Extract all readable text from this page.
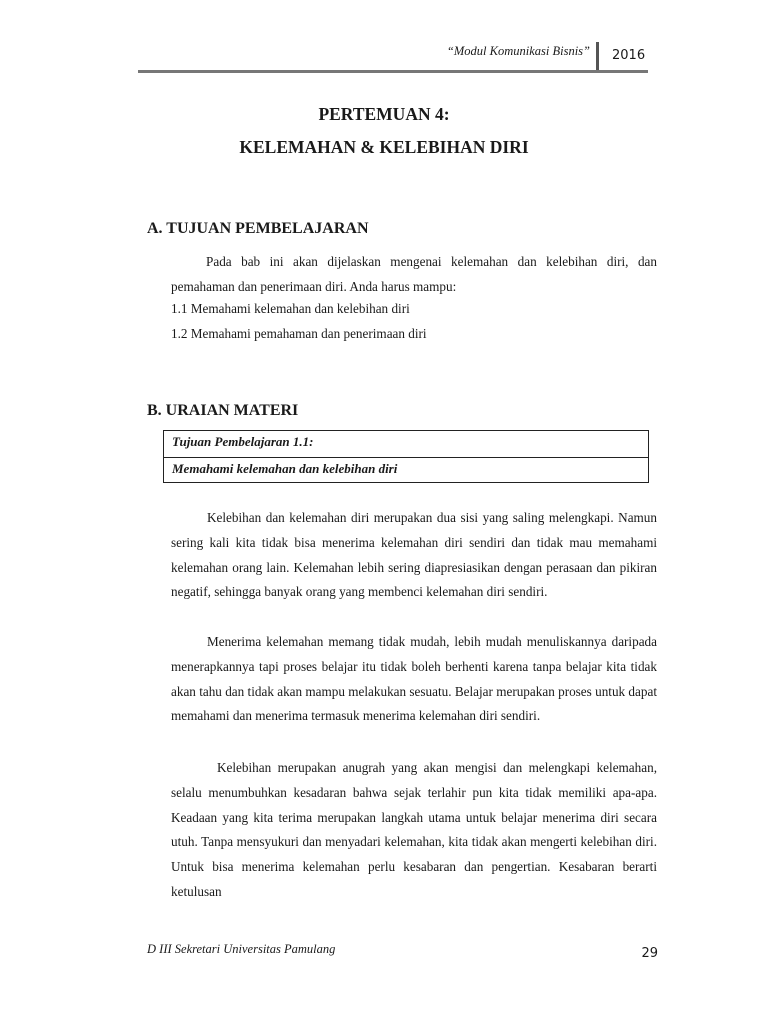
“Modul Komunikasi Bisnis” 2016
PERTEMUAN 4:
KELEMAHAN & KELEBIHAN DIRI
A. TUJUAN PEMBELAJARAN

Pada bab ini akan dijelaskan mengenai kelemahan dan kelebihan diri, dan pemahaman dan penerimaan diri. Anda harus mampu:

1.1 Memahami kelemahan dan kelebihan diri
1.2 Memahami pemahaman dan penerimaan diri
B. URAIAN MATERI
Tujuan Pembelajaran 1.1:
Memahami kelemahan dan kelebihan diri

Kelebihan dan kelemahan diri merupakan dua sisi yang saling melengkapi. Namun sering kali kita tidak bisa menerima kelemahan diri sendiri dan tidak mau memahami kelemahan orang lain. Kelemahan lebih sering diapresiasikan dengan perasaan dan pikiran negatif, sehingga banyak orang yang membenci kelemahan diri sendiri.

Menerima kelemahan memang tidak mudah, lebih mudah menuliskannya daripada menerapkannya tapi proses belajar itu tidak boleh berhenti karena tanpa belajar kita tidak akan tahu dan tidak akan mampu melakukan sesuatu. Belajar merupakan proses untuk dapat memahami dan menerima termasuk menerima kelemahan diri sendiri.

Kelebihan merupakan anugrah yang akan mengisi dan melengkapi kelemahan, selalu menumbuhkan kesadaran bahwa sejak terlahir pun kita tidak memiliki apa-apa. Keadaan yang kita terima merupakan langkah utama untuk belajar menerima diri secara utuh. Tanpa mensyukuri dan menyadari kelemahan, kita tidak akan mengerti kelebihan diri. Untuk bisa menerima kelemahan perlu kesabaran dan pengertian. Kesabaran berarti ketulusan

D III Sekretari Universitas Pamulang	29
